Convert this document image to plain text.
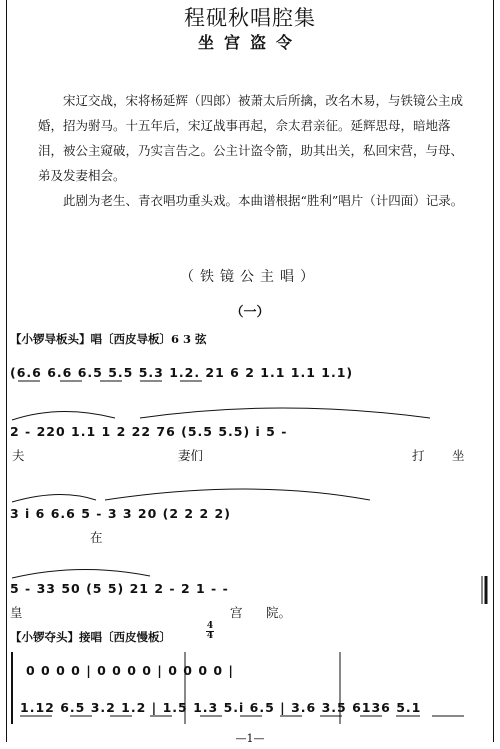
程砚秋唱腔集
坐宫盗令
宋辽交战，宋将杨延辉（四郎）被萧太后所擒，改名木易，与铁镜公主成婚，招为驸马。十五年后，宋辽战事再起，佘太君亲征。延辉思母，暗地落泪，被公主窥破，乃实言告之。公主计盗令箭，助其出关，私回宋营，与母、弟及发妻相会。
此剧为老生、青衣唱功重头戏。本曲谱根据“胜利”唱片（计四面）记录。
（铁镜公主唱）
（一）
【小锣导板头】唱〔西皮导板〕6 3 弦
(6.6 6.6 6.5 5.5 5.3 1.2. 21 6 2 1.1 1.1 1.1)
2 - 220 1.1 1 2 22 76 (5.5 5.5) i 5 -
夫	妻们	打 坐
3 i 6 6.6 5 - 3 3 20 (2 2 2 2)
在
5 - 33 50 (5 5) 21 2 - 2 1 - -
皇	宫 院。
【小锣夺头】接唱〔西皮慢板〕
4
4
0 0 0 0 | 0 0 0 0 | 0 0 0 0 |
1.12 6.5 3.2 1.2 | 1.5 1.3 5.i 6.5 | 3.6 3.5 6136 5.1
—1—
